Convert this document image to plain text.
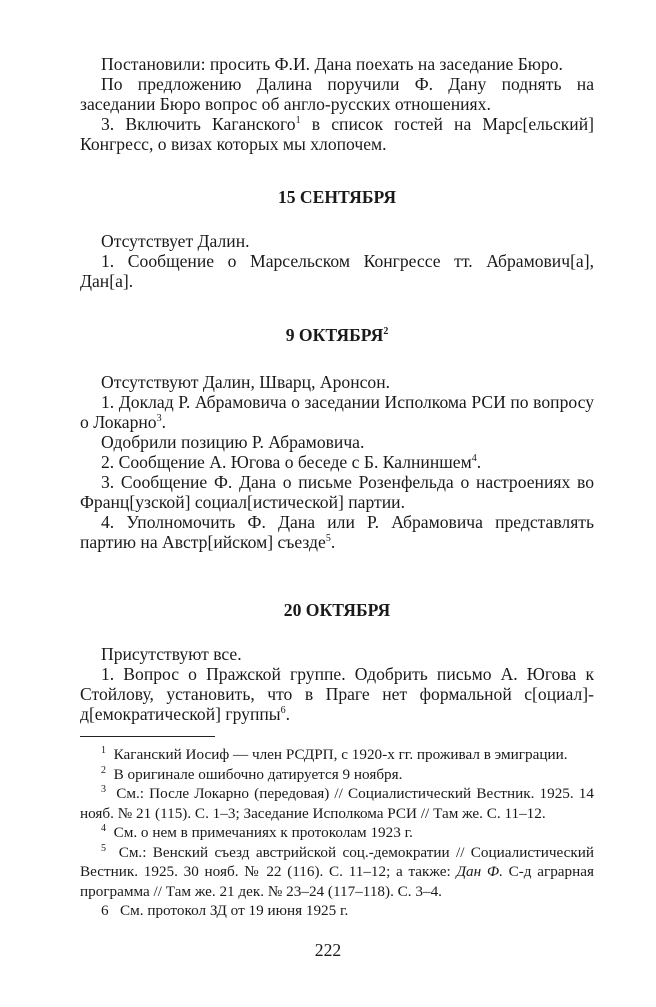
Постановили: просить Ф.И. Дана поехать на заседание Бюро.

По предложению Далина поручили Ф. Дану поднять на заседании Бюро вопрос об англо-русских отношениях.

3. Включить Каганского$^1$ в список гостей на Марс[ельский] Конгресс, о визах которых мы хлопочем.

15 СЕНТЯБРЯ

Отсутствует Далин.

1. Сообщение о Марсельском Конгрессе тт. Абрамович[а], Дан[а].

9 ОКТЯБРЯ$^2$

Отсутствуют Далин, Шварц, Аронсон.

1. Доклад Р. Абрамовича о заседании Исполкома РСИ по вопросу о Локарно$^3$.

Одобрили позицию Р. Абрамовича.

2. Сообщение А. Югова о беседе с Б. Калниншем$^4$.

3. Сообщение Ф. Дана о письме Розенфельда о настроениях во Франц[узской] социал[истической] партии.

4. Уполномочить Ф. Дана или Р. Абрамовича представлять партию на Австр[ийском] съезде$^5$.

20 ОКТЯБРЯ

Присутствуют все.

1. Вопрос о Пражской группе. Одобрить письмо А. Югова к Стойлову, установить, что в Праге нет формальной с[оциал]-д[емократической] группы$^6$.

$^1$ Каганский Иосиф — член РСДРП, с 1920-х гг. проживал в эмиграции.

$^2$ В оригинале ошибочно датируется 9 ноября.

$^3$ См.: После Локарно (передовая) // Социалистический Вестник. 1925. 14 нояб. № 21 (115). С. 1–3; Заседание Исполкома РСИ // Там же. С. 11–12.

$^4$ См. о нем в примечаниях к протоколам 1923 г.

$^5$ См.: Венский съезд австрийской соц.-демократии // Социалистический Вестник. 1925. 30 нояб. № 22 (116). С. 11–12; а также: Дан Ф. С-д аграрная программа // Там же. 21 дек. № 23–24 (117–118). С. 3–4.

6 См. протокол ЗД от 19 июня 1925 г.

222
